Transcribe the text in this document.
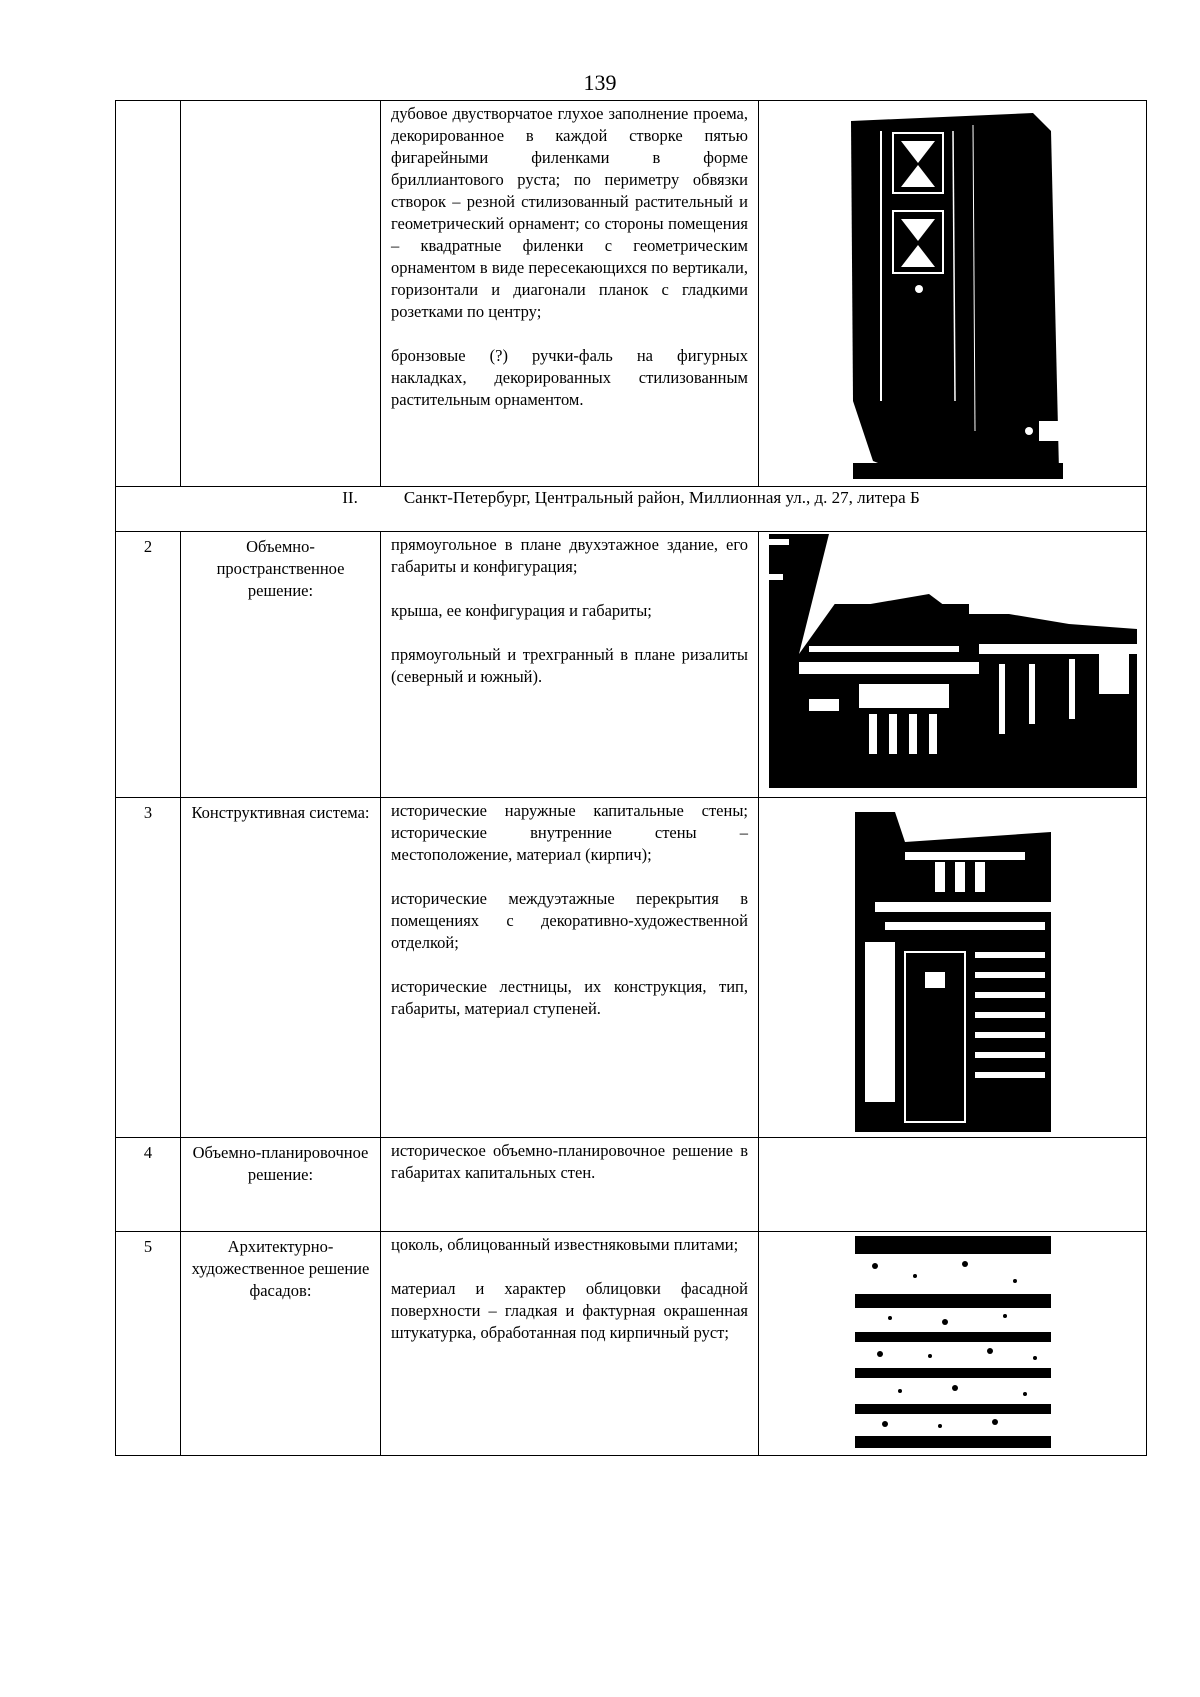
139

		дубовое двустворчатое глухое заполнение проема, декорированное в каждой створке пятью фигарейными филенками в форме бриллиантового руста; по периметру обвязки створок – резной стилизованный растительный и геометрический орнамент; со стороны помещения – квадратные филенки с геометрическим орнаментом в виде пересекающихся по вертикали, горизонтали и диагонали планок с гладкими розетками по центру;

бронзовые (?) ручки-фаль на фигурных накладках, декорированных стилизованным растительным орнаментом.

II. Санкт-Петербург, Центральный район, Миллионная ул., д. 27, литера Б			
2	Объемно-пространственное решение:	прямоугольное в плане двухэтажное здание, его габариты и конфигурация;

крыша, ее конфигурация и габариты;

прямоугольный и трехгранный в плане ризалиты (северный и южный).

3	Конструктивная система:	исторические наружные капитальные стены; исторические внутренние стены – местоположение, материал (кирпич);

исторические междуэтажные перекрытия в помещениях с декоративно-художественной отделкой;

исторические лестницы, их конструкция, тип, габариты, материал ступеней.

4	Объемно-планировочное решение:	историческое объемно-планировочное решение в габаритах капитальных стен.	

5	Архитектурно-художественное решение фасадов:	цоколь, облицованный известняковыми плитами;

материал и характер облицовки фасадной поверхности – гладкая и фактурная окрашенная штукатурка, обработанная под кирпичный руст;
